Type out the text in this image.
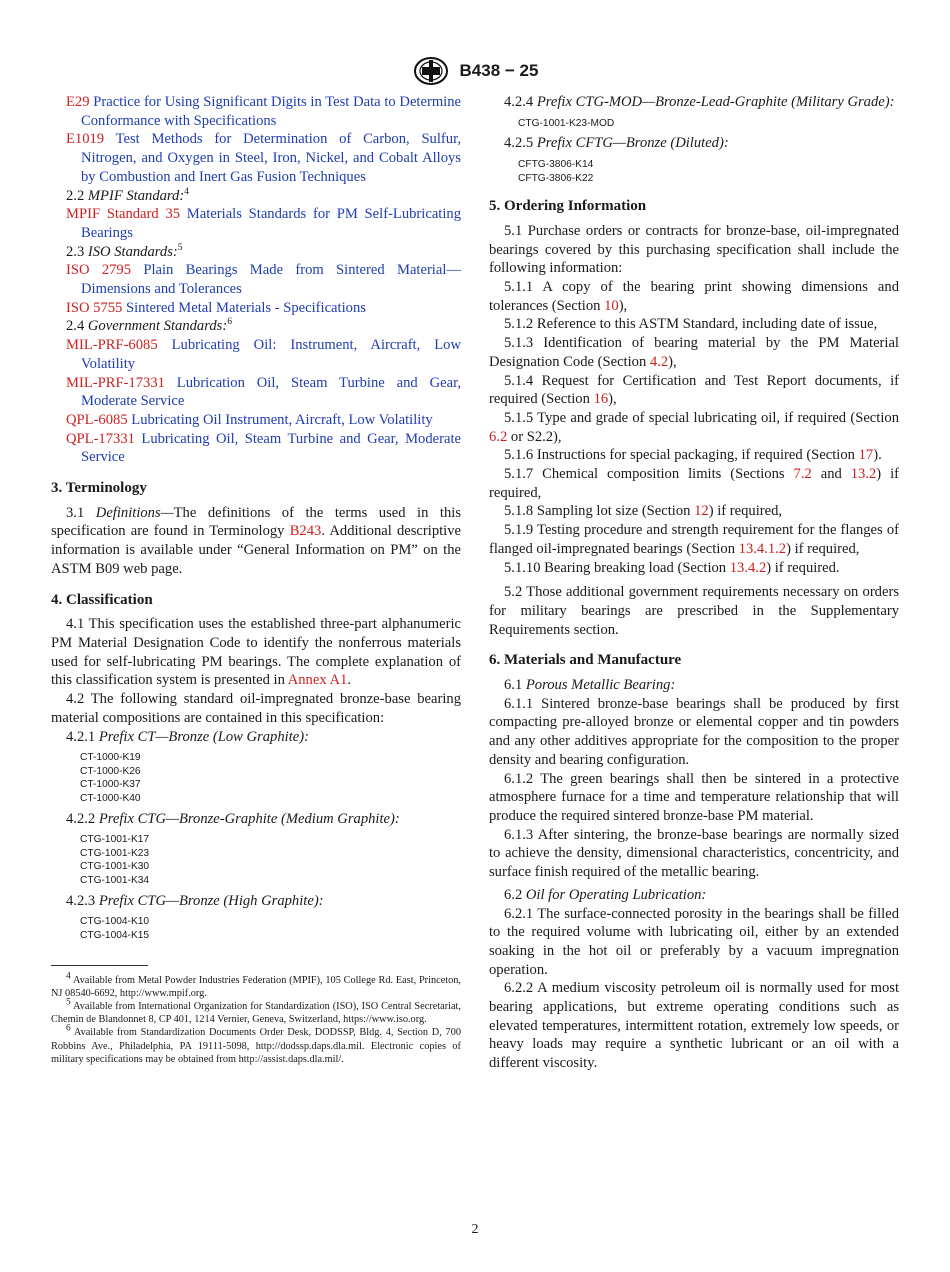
B438 − 25

E29 Practice for Using Significant Digits in Test Data to Determine Conformance with Specifications

E1019 Test Methods for Determination of Carbon, Sulfur, Nitrogen, and Oxygen in Steel, Iron, Nickel, and Cobalt Alloys by Combustion and Inert Gas Fusion Techniques

2.2 MPIF Standard:$^4$

MPIF Standard 35 Materials Standards for PM Self-Lubricating Bearings

2.3 ISO Standards:$^5$

ISO 2795 Plain Bearings Made from Sintered Material—Dimensions and Tolerances

ISO 5755 Sintered Metal Materials - Specifications

2.4 Government Standards:$^6$

MIL-PRF-6085 Lubricating Oil: Instrument, Aircraft, Low Volatility

MIL-PRF-17331 Lubrication Oil, Steam Turbine and Gear, Moderate Service

QPL-6085 Lubricating Oil Instrument, Aircraft, Low Volatility

QPL-17331 Lubricating Oil, Steam Turbine and Gear, Moderate Service

3. Terminology

3.1 Definitions—The definitions of the terms used in this specification are found in Terminology B243. Additional descriptive information is available under “General Information on PM” on the ASTM B09 web page.

4. Classification

4.1 This specification uses the established three-part alphanumeric PM Material Designation Code to identify the nonferrous materials used for self-lubricating PM bearings. The complete explanation of this classification system is presented in Annex A1.

4.2 The following standard oil-impregnated bronze-base bearing material compositions are contained in this specification:

4.2.1 Prefix CT—Bronze (Low Graphite):

CT-1000-K19
CT-1000-K26
CT-1000-K37
CT-1000-K40

4.2.2 Prefix CTG—Bronze-Graphite (Medium Graphite):

CTG-1001-K17
CTG-1001-K23
CTG-1001-K30
CTG-1001-K34

4.2.3 Prefix CTG—Bronze (High Graphite):

CTG-1004-K10
CTG-1004-K15

4 Available from Metal Powder Industries Federation (MPIF), 105 College Rd. East, Princeton, NJ 08540-6692, http://www.mpif.org.

5 Available from International Organization for Standardization (ISO), ISO Central Secretariat, Chemin de Blandonnet 8, CP 401, 1214 Vernier, Geneva, Switzerland, https://www.iso.org.

6 Available from Standardization Documents Order Desk, DODSSP, Bldg. 4, Section D, 700 Robbins Ave., Philadelphia, PA 19111-5098, http://dodssp.daps.dla.mil. Electronic copies of military specifications may be obtained from http://assist.daps.dla.mil/.

4.2.4 Prefix CTG-MOD—Bronze-Lead-Graphite (Military Grade):

CTG-1001-K23-MOD

4.2.5 Prefix CFTG—Bronze (Diluted):

CFTG-3806-K14
CFTG-3806-K22
5. Ordering Information

5.1 Purchase orders or contracts for bronze-base, oil-impregnated bearings covered by this purchasing specification shall include the following information:

5.1.1 A copy of the bearing print showing dimensions and tolerances (Section 10),

5.1.2 Reference to this ASTM Standard, including date of issue,

5.1.3 Identification of bearing material by the PM Material Designation Code (Section 4.2),

5.1.4 Request for Certification and Test Report documents, if required (Section 16),

5.1.5 Type and grade of special lubricating oil, if required (Section 6.2 or S2.2),

5.1.6 Instructions for special packaging, if required (Section 17).

5.1.7 Chemical composition limits (Sections 7.2 and 13.2) if required,

5.1.8 Sampling lot size (Section 12) if required,

5.1.9 Testing procedure and strength requirement for the flanges of flanged oil-impregnated bearings (Section 13.4.1.2) if required,

5.1.10 Bearing breaking load (Section 13.4.2) if required.

5.2 Those additional government requirements necessary on orders for military bearings are prescribed in the Supplementary Requirements section.

6. Materials and Manufacture

6.1 Porous Metallic Bearing:

6.1.1 Sintered bronze-base bearings shall be produced by first compacting pre-alloyed bronze or elemental copper and tin powders and any other additives appropriate for the composition to the proper density and bearing configuration.

6.1.2 The green bearings shall then be sintered in a protective atmosphere furnace for a time and temperature relationship that will produce the required sintered bronze-base PM material.

6.1.3 After sintering, the bronze-base bearings are normally sized to achieve the density, dimensional characteristics, concentricity, and surface finish required of the metallic bearing.

6.2 Oil for Operating Lubrication:

6.2.1 The surface-connected porosity in the bearings shall be filled to the required volume with lubricating oil, either by an extended soaking in the hot oil or preferably by a vacuum impregnation operation.

6.2.2 A medium viscosity petroleum oil is normally used for most bearing applications, but extreme operating conditions such as elevated temperatures, intermittent rotation, extremely low speeds, or heavy loads may require a synthetic lubricant or an oil with a different viscosity.

2
